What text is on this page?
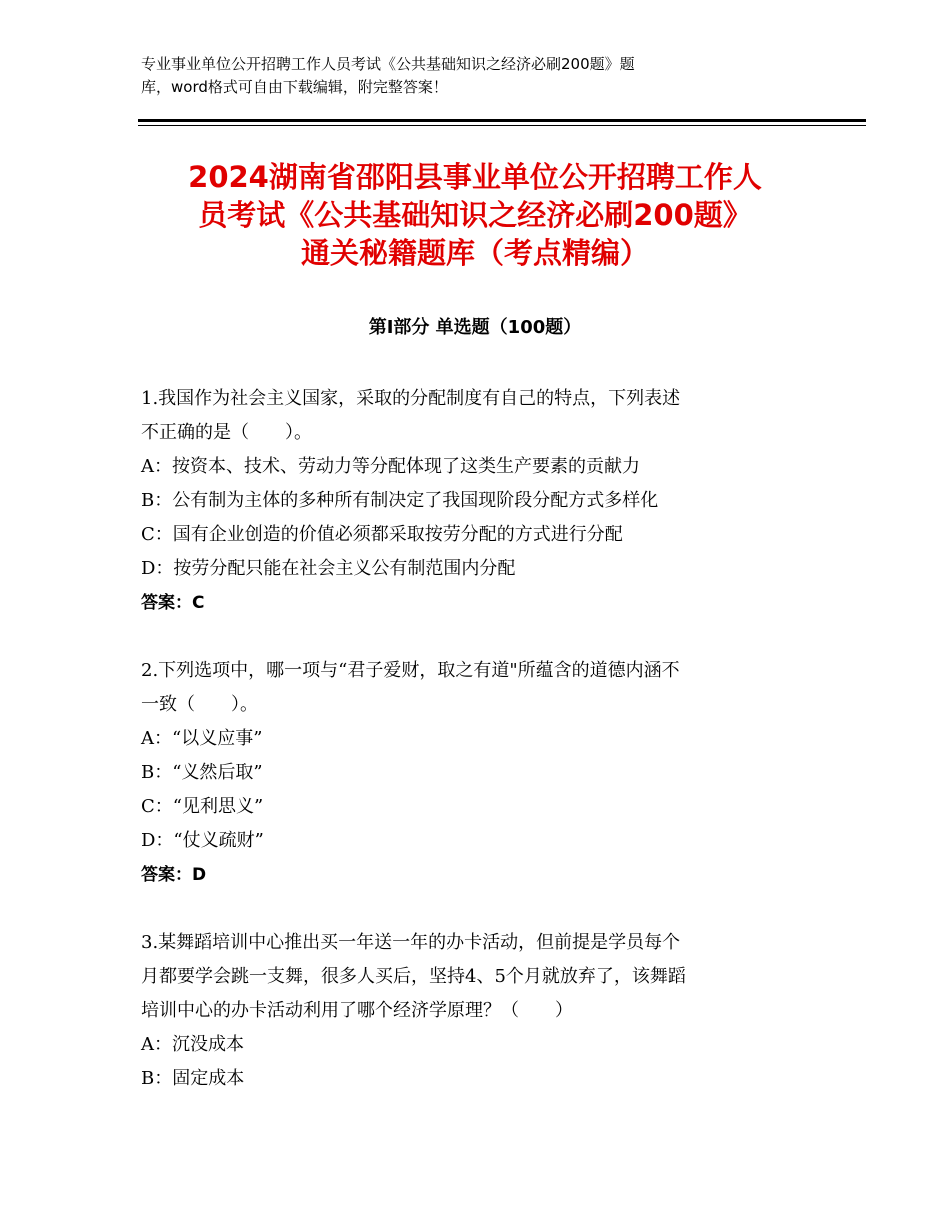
专业事业单位公开招聘工作人员考试《公共基础知识之经济必刷200题》题
库，word格式可自由下载编辑，附完整答案！
2024湖南省邵阳县事业单位公开招聘工作人
员考试《公共基础知识之经济必刷200题》
通关秘籍题库（考点精编）
第Ⅰ部分 单选题（100题）
1.我国作为社会主义国家，采取的分配制度有自己的特点，下列表述
不正确的是（　　）。
A：按资本、技术、劳动力等分配体现了这类生产要素的贡献力
B：公有制为主体的多种所有制决定了我国现阶段分配方式多样化
C：国有企业创造的价值必须都采取按劳分配的方式进行分配
D：按劳分配只能在社会主义公有制范围内分配
答案：C
2.下列选项中，哪一项与“君子爱财，取之有道"所蕴含的道德内涵不
一致（　　）。
A：“以义应事”
B：“义然后取”
C：“见利思义”
D：“仗义疏财”
答案：D
3.某舞蹈培训中心推出买一年送一年的办卡活动，但前提是学员每个
月都要学会跳一支舞，很多人买后，坚持4、5个月就放弃了，该舞蹈
培训中心的办卡活动利用了哪个经济学原理？（　　）
A：沉没成本
B：固定成本
